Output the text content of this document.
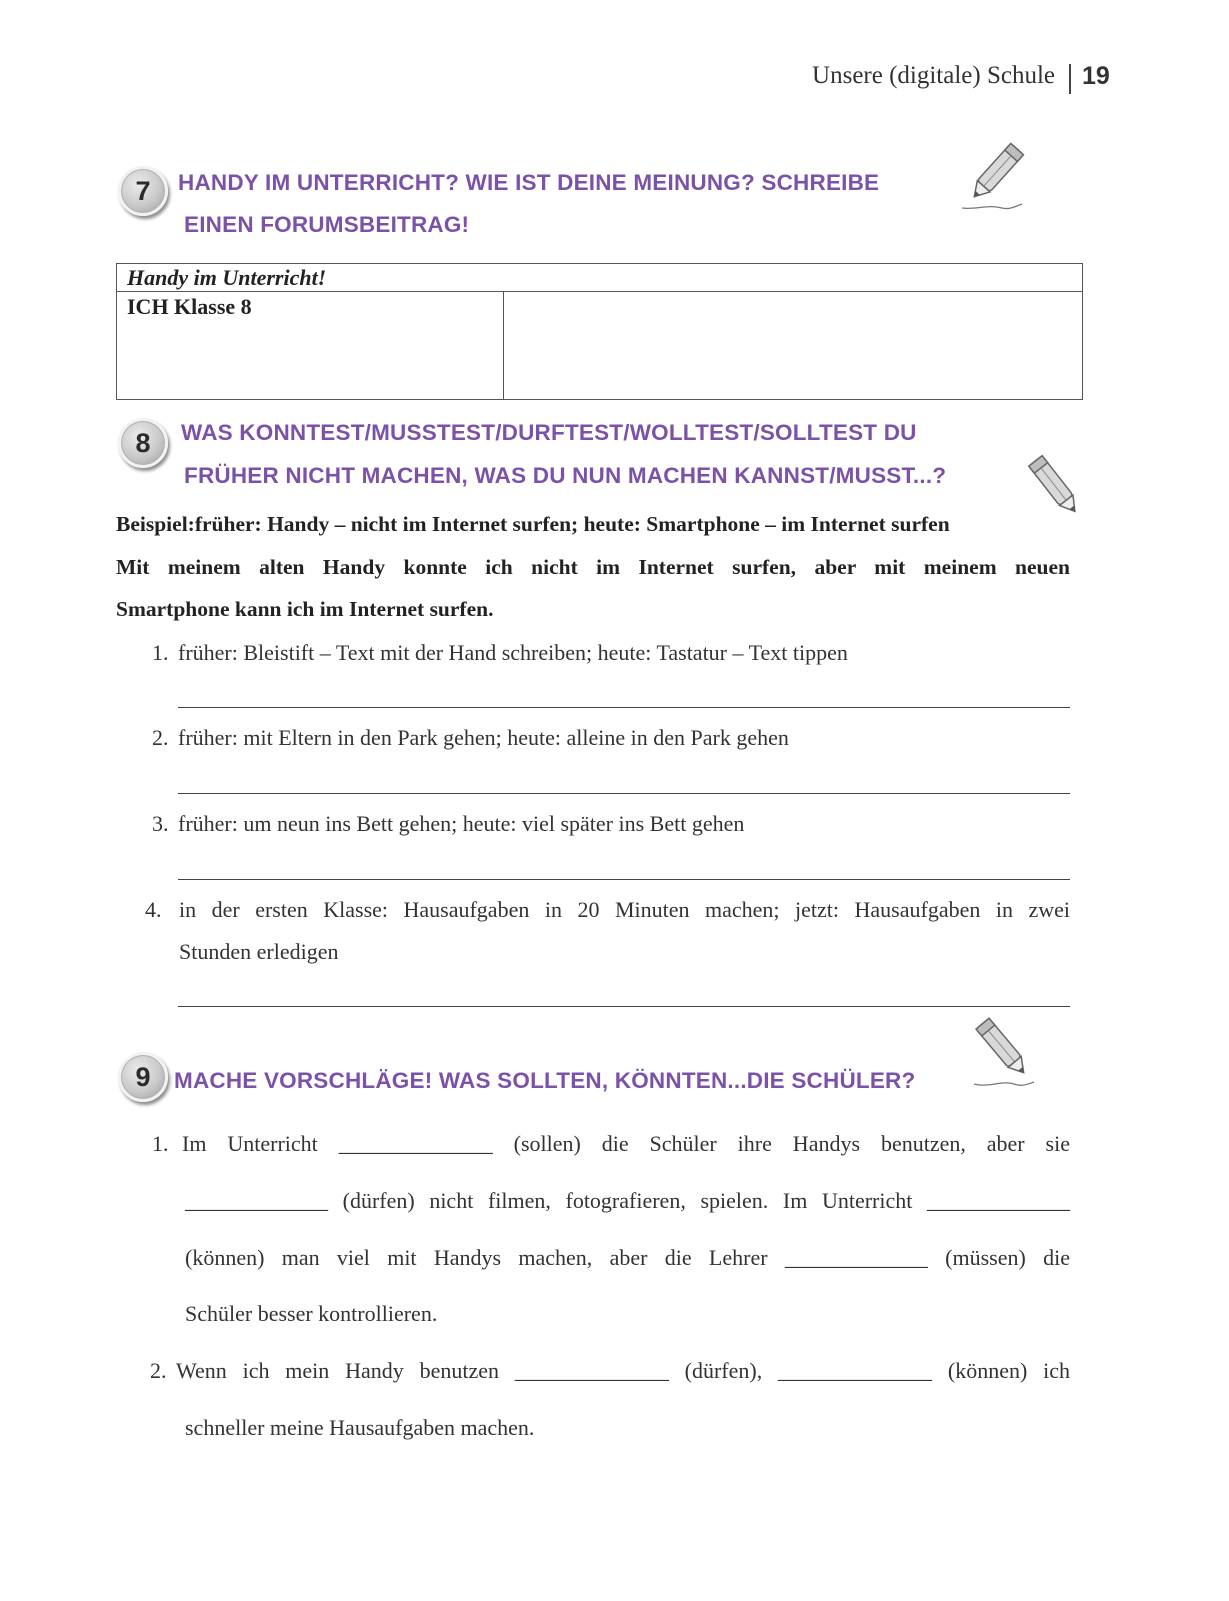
Unsere (digitale) Schule 19
7	HANDY IM UNTERRICHT? WIE IST DEINE MEINUNG? SCHREIBE
EINEN FORUMSBEITRAG!
Handy im Unterricht!
ICH Klasse 8
8	WAS KONNTEST/MUSSTEST/DURFTEST/WOLLTEST/SOLLTEST DU
FRÜHER NICHT MACHEN, WAS DU NUN MACHEN KANNST/MUSST...?
Beispiel:früher: Handy – nicht im Internet surfen; heute: Smartphone – im Internet surfen
Mit meinem alten Handy konnte ich nicht im Internet surfen, aber mit meinem neuen
Smartphone kann ich im Internet surfen.
1. früher: Bleistift – Text mit der Hand schreiben; heute: Tastatur – Text tippen
2. früher: mit Eltern in den Park gehen; heute: alleine in den Park gehen
3. früher: um neun ins Bett gehen; heute: viel später ins Bett gehen
4. in der ersten Klasse: Hausaufgaben in 20 Minuten machen; jetzt: Hausaufgaben in zwei
Stunden erledigen
9	MACHE VORSCHLÄGE! WAS SOLLTEN, KÖNNTEN...DIE SCHÜLER?
1. Im Unterricht ______________ (sollen) die Schüler ihre Handys benutzen, aber sie
_____________ (dürfen) nicht filmen, fotografieren, spielen. Im Unterricht _____________
(können) man viel mit Handys machen, aber die Lehrer _____________ (müssen) die
Schüler besser kontrollieren.
2. Wenn ich mein Handy benutzen ______________ (dürfen), ______________ (können) ich
schneller meine Hausaufgaben machen.
